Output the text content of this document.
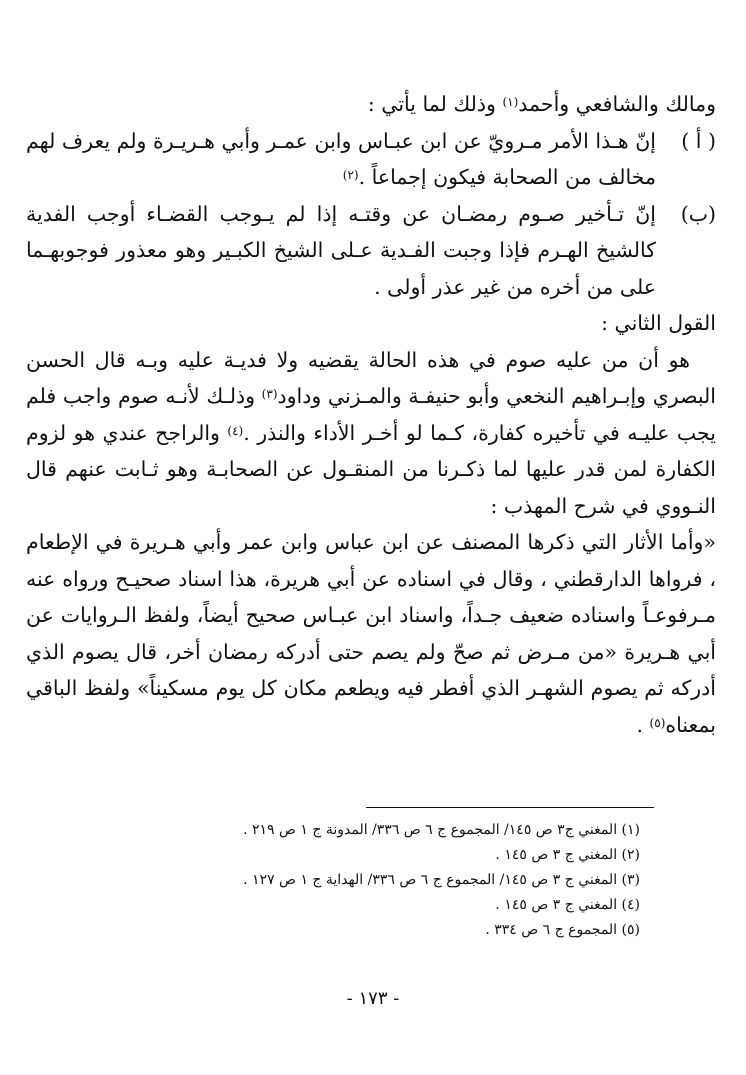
ومالك والشافعي وأحمد$^{(١)}$ وذلك لما يأتي :

( أ )
إنّ هـذا الأمر مـرويّ عن ابن عبـاس وابن عمـر وأبي هـريـرة ولم يعرف لهم مخالف من الصحابة فيكون إجماعاً .$^{(٢)}$

(ب)
إنّ تـأخير صـوم رمضـان عن وقتـه إذا لم يـوجب القضـاء أوجب الفدية كالشيخ الهـرم فإذا وجبت الفـدية عـلى الشيخ الكبـير وهو معذور فوجوبهـما على من أخره من غير عذر أولى .

القول الثاني :

هو أن من عليه صوم في هذه الحالة يقضيه ولا فديـة عليه وبـه قال الحسن البصري وإبـراهيم النخعي وأبو حنيفـة والمـزني وداود$^{(٣)}$ وذلـك لأنـه صوم واجب فلم يجب عليـه في تأخيره كفارة، كـما لو أخـر الأداء والنذر .$^{(٤)}$ والراجح عندي هو لزوم الكفارة لمن قدر عليها لما ذكـرنا من المنقـول عن الصحابـة وهو ثـابت عنهم قال النـووي في شرح المهذب :

«وأما الأثار التي ذكرها المصنف عن ابن عباس وابن عمر وأبي هـريرة في الإطعام ، فرواها الدارقطني ، وقال في اسناده عن أبي هريرة، هذا اسناد صحيـح ورواه عنه مـرفوعـاً واسناده ضعيف جـداً، واسناد ابن عبـاس صحيح أيضاً، ولفظ الـروايات عن أبي هـريرة «من مـرض ثم صحّ ولم يصم حتى أدركه رمضان أخر، قال يصوم الذي أدركه ثم يصوم الشهـر الذي أفطر فيه ويطعم مكان كل يوم مسكيناً» ولفظ الباقي بمعناه$^{(٥)}$ .

(١) المغني ج٣ ص ١٤٥/ المجموع ج ٦ ص ٣٣٦/ المدونة ج ١ ص ٢١٩ .

(٢) المغني ج ٣ ص ١٤٥ .

(٣) المغني ج ٣ ص ١٤٥/ المجموع ج ٦ ص ٣٣٦/ الهداية ج ١ ص ١٢٧ .

(٤) المغني ج ٣ ص ١٤٥ .

(٥) المجموع ج ٦ ص ٣٣٤ .

- ١٧٣ -
